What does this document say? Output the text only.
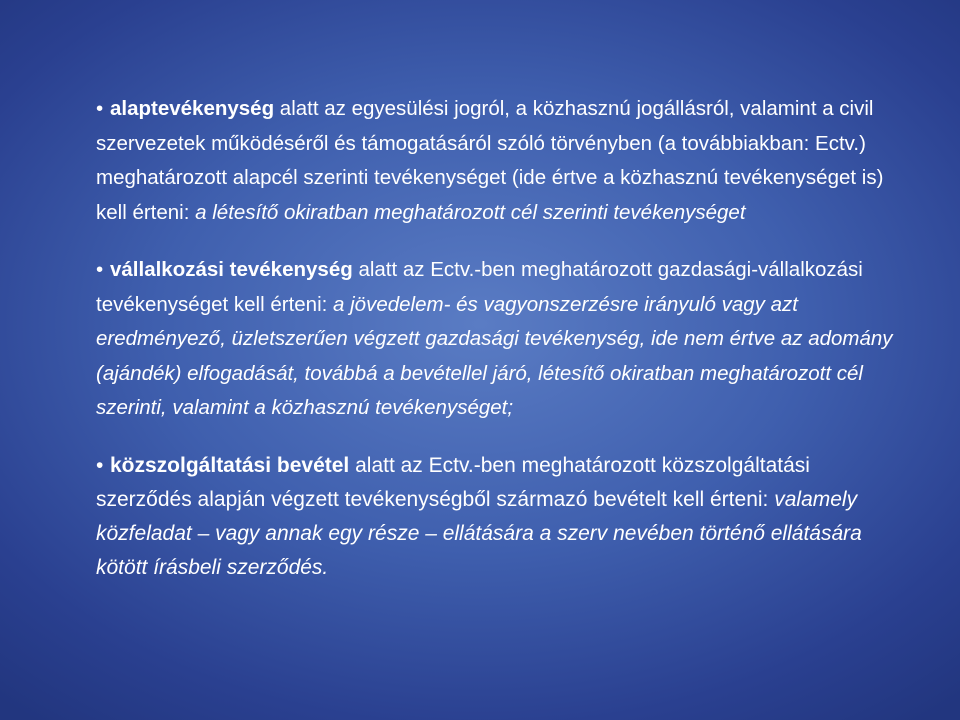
• alaptevékenység alatt az egyesülési jogról, a közhasznú jogállásról, valamint a civil szervezetek működéséről és támogatásáról szóló törvényben (a továbbiakban: Ectv.) meghatározott alapcél szerinti tevékenységet (ide értve a közhasznú tevékenységet is) kell érteni: a létesítő okiratban meghatározott cél szerinti tevékenységet

• vállalkozási tevékenység alatt az Ectv.-ben meghatározott gazdasági-vállalkozási tevékenységet kell érteni: a jövedelem- és vagyonszerzésre irányuló vagy azt eredményező, üzletszerűen végzett gazdasági tevékenység, ide nem értve az adomány (ajándék) elfogadását, továbbá a bevétellel járó, létesítő okiratban meghatározott cél szerinti, valamint a közhasznú tevékenységet;

• közszolgáltatási bevétel alatt az Ectv.-ben meghatározott közszolgáltatási szerződés alapján végzett tevékenységből származó bevételt kell érteni: valamely közfeladat – vagy annak egy része – ellátására a szerv nevében történő ellátására kötött írásbeli szerződés.
